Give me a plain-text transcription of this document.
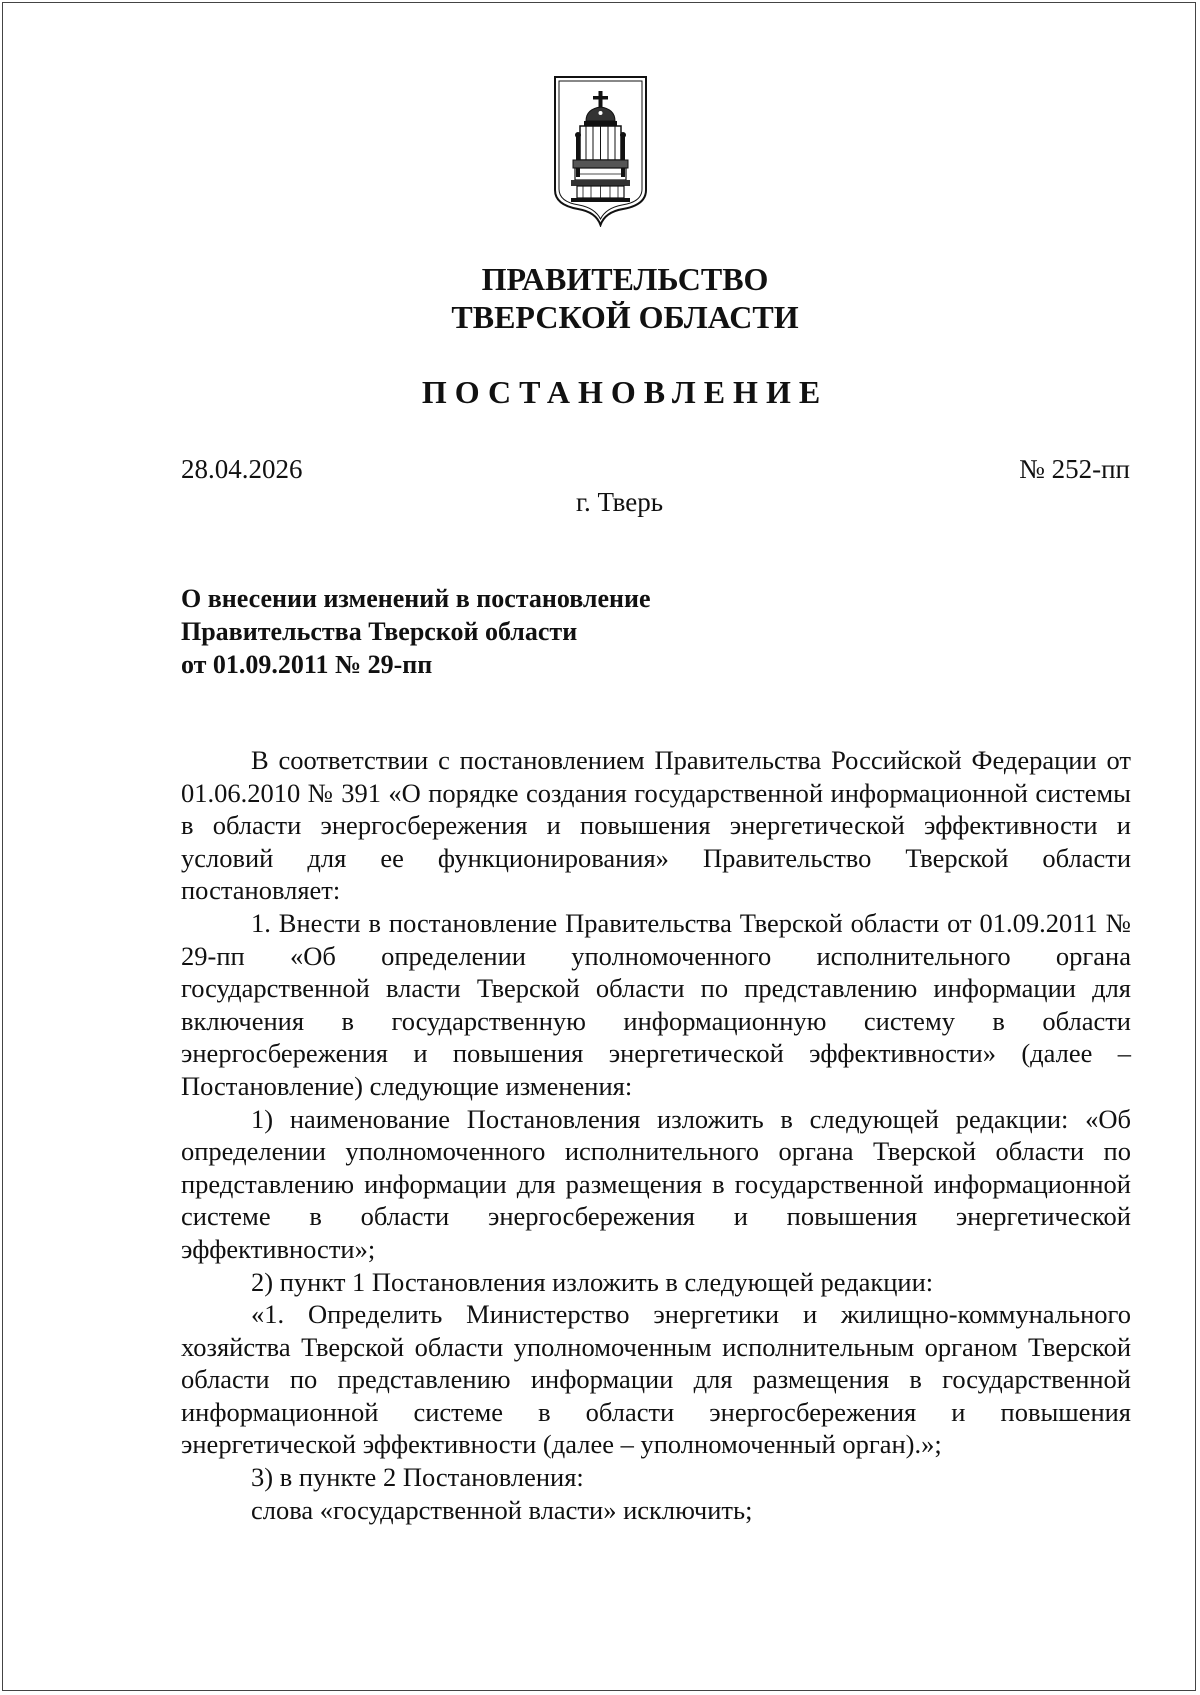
ПРАВИТЕЛЬСТВО
ТВЕРСКОЙ ОБЛАСТИ
ПОСТАНОВЛЕНИЕ
28.04.2026	№ 252-пп
г. Тверь
О внесении изменений в постановление
Правительства Тверской области
от 01.09.2011 № 29-пп

В соответствии с постановлением Правительства Российской Федерации от 01.06.2010 № 391 «О порядке создания государственной информационной системы в области энергосбережения и повышения энергетической эффективности и условий для ее функционирования» Правительство Тверской области постановляет:

1. Внести в постановление Правительства Тверской области от 01.09.2011 № 29-пп «Об определении уполномоченного исполнительного органа государственной власти Тверской области по представлению информации для включения в государственную информационную систему в области энергосбережения и повышения энергетической эффективности» (далее – Постановление) следующие изменения:

1) наименование Постановления изложить в следующей редакции: «Об определении уполномоченного исполнительного органа Тверской области по представлению информации для размещения в государственной информационной системе в области энергосбережения и повышения энергетической эффективности»;

2) пункт 1 Постановления изложить в следующей редакции:

«1. Определить Министерство энергетики и жилищно-коммунального хозяйства Тверской области уполномоченным исполнительным органом Тверской области по представлению информации для размещения в государственной информационной системе в области энергосбережения и повышения энергетической эффективности (далее – уполномоченный орган).»;

3) в пункте 2 Постановления:

слова «государственной власти» исключить;
